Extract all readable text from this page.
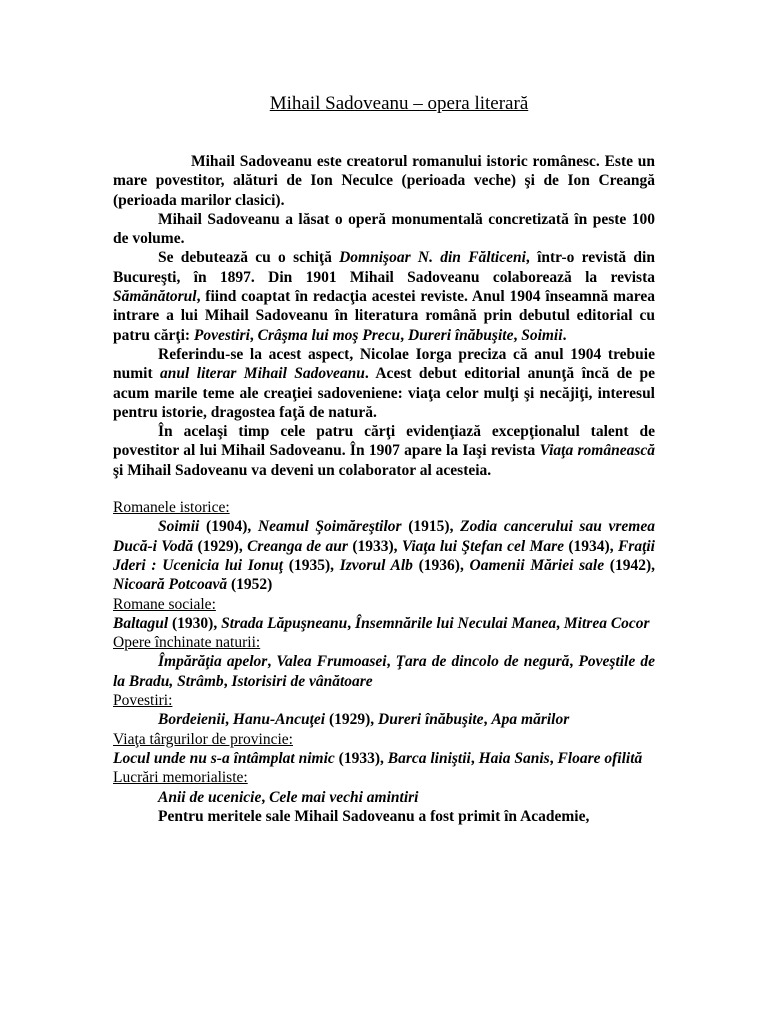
Mihail Sadoveanu – opera literară

Mihail Sadoveanu este creatorul romanului istoric românesc. Este un mare povestitor, alături de Ion Neculce (perioada veche) şi de Ion Creangă (perioada marilor clasici).

Mihail Sadoveanu a lăsat o operă monumentală concretizată în peste 100 de volume.

Se debutează cu o schiţă Domnişoar N. din Fălticeni, într-o revistă din Bucureşti, în 1897. Din 1901 Mihail Sadoveanu colaborează la revista Sămănătorul, fiind coaptat în redacţia acestei reviste. Anul 1904 înseamnă marea intrare a lui Mihail Sadoveanu în literatura română prin debutul editorial cu patru cărţi: Povestiri, Crâşma lui moş Precu, Dureri înăbuşite, Soimii.

Referindu-se la acest aspect, Nicolae Iorga preciza că anul 1904 trebuie numit anul literar Mihail Sadoveanu. Acest debut editorial anunţă încă de pe acum marile teme ale creaţiei sadoveniene: viaţa celor mulţi şi necăjiţi, interesul pentru istorie, dragostea faţă de natură.

În acelaşi timp cele patru cărţi evidenţiază excepţionalul talent de povestitor al lui Mihail Sadoveanu. În 1907 apare la Iaşi revista Viaţa românească şi Mihail Sadoveanu va deveni un colaborator al acesteia.

Romanele istorice:

Soimii (1904), Neamul Şoimăreştilor (1915), Zodia cancerului sau vremea Ducă-i Vodă (1929), Creanga de aur (1933), Viaţa lui Ştefan cel Mare (1934), Fraţii Jderi : Ucenicia lui Ionuţ (1935), Izvorul Alb (1936), Oamenii Măriei sale (1942), Nicoară Potcoavă (1952)

Romane sociale:

Baltagul (1930), Strada Lăpuşneanu, Însemnările lui Neculai Manea, Mitrea Cocor

Opere închinate naturii:

Împărăţia apelor, Valea Frumoasei, Ţara de dincolo de negură, Poveştile de la Bradu, Strâmb, Istorisiri de vânătoare

Povestiri:

Bordeienii, Hanu-Ancuţei (1929), Dureri înăbuşite, Apa mărilor

Viaţa târgurilor de provincie:

Locul unde nu s-a întâmplat nimic (1933), Barca liniştii, Haia Sanis, Floare ofilită

Lucrări memorialiste:

Anii de ucenicie, Cele mai vechi amintiri

Pentru meritele sale Mihail Sadoveanu a fost primit în Academie,
